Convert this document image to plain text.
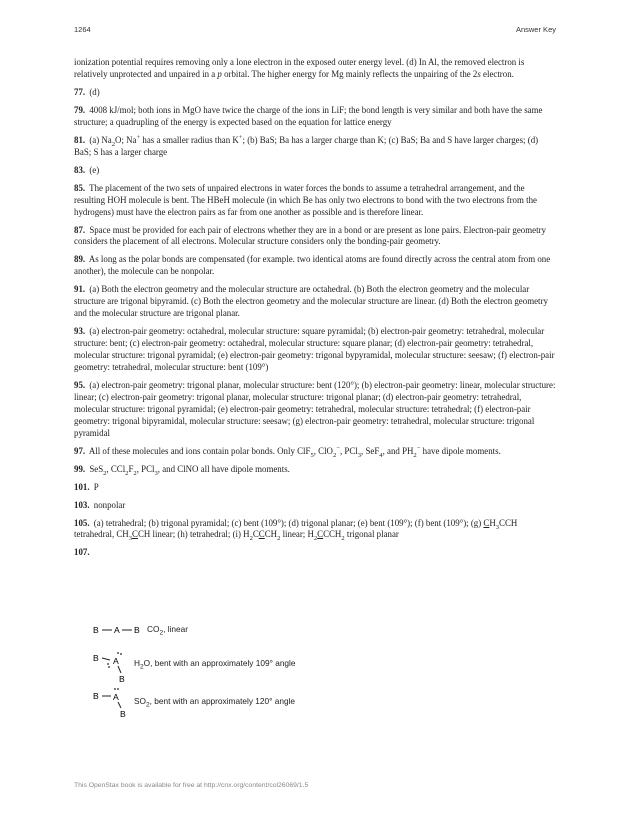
1264	Answer Key

ionization potential requires removing only a lone electron in the exposed outer energy level. (d) In Al, the removed electron is relatively unprotected and unpaired in a p orbital. The higher energy for Mg mainly reflects the unpairing of the 2s electron.

77. (d)

79. 4008 kJ/mol; both ions in MgO have twice the charge of the ions in LiF; the bond length is very similar and both have the same structure; a quadrupling of the energy is expected based on the equation for lattice energy

81. (a) $Na_2O$; Na+ has a smaller radius than K+; (b) BaS; Ba has a larger charge than K; (c) BaS; Ba and S have larger charges; (d) BaS; S has a larger charge

83. (e)

85. The placement of the two sets of unpaired electrons in water forces the bonds to assume a tetrahedral arrangement, and the resulting HOH molecule is bent. The HBeH molecule (in which Be has only two electrons to bond with the two electrons from the hydrogens) must have the electron pairs as far from one another as possible and is therefore linear.

87. Space must be provided for each pair of electrons whether they are in a bond or are present as lone pairs. Electron-pair geometry considers the placement of all electrons. Molecular structure considers only the bonding-pair geometry.

89. As long as the polar bonds are compensated (for example. two identical atoms are found directly across the central atom from one another), the molecule can be nonpolar.

91. (a) Both the electron geometry and the molecular structure are octahedral. (b) Both the electron geometry and the molecular structure are trigonal bipyramid. (c) Both the electron geometry and the molecular structure are linear. (d) Both the electron geometry and the molecular structure are trigonal planar.

93. (a) electron-pair geometry: octahedral, molecular structure: square pyramidal; (b) electron-pair geometry: tetrahedral, molecular structure: bent; (c) electron-pair geometry: octahedral, molecular structure: square planar; (d) electron-pair geometry: tetrahedral, molecular structure: trigonal pyramidal; (e) electron-pair geometry: trigonal bypyramidal, molecular structure: seesaw; (f) electron-pair geometry: tetrahedral, molecular structure: bent (109°)

95. (a) electron-pair geometry: trigonal planar, molecular structure: bent (120°); (b) electron-pair geometry: linear, molecular structure: linear; (c) electron-pair geometry: trigonal planar, molecular structure: trigonal planar; (d) electron-pair geometry: tetrahedral, molecular structure: trigonal pyramidal; (e) electron-pair geometry: tetrahedral, molecular structure: tetrahedral; (f) electron-pair geometry: trigonal bipyramidal, molecular structure: seesaw; (g) electron-pair geometry: tetrahedral, molecular structure: trigonal pyramidal

97. All of these molecules and ions contain polar bonds. Only ClF$_5$, ClO$_2$−, PCl$_3$, SeF$_4$, and $PH_2^-$ have dipole moments.

99. SeS$_2$, $CCl_2F_2$, PCl$_3$, and ClNO all have dipole moments.

101. P

103. nonpolar

105. (a) tetrahedral; (b) trigonal pyramidal; (c) bent (109°); (d) trigonal planar; (e) bent (109°); (f) bent (109°); (g) $CH_3CCH$ tetrahedral, $CH_3CCH$ linear; (h) tetrahedral; (i) $H_2CCCH_2$ linear; $H_2CCCH_2$ trigonal planar

107.

B A B
B A
B
B A
B
$CO_2$, linear
$H_2O$, bent with an approximately 109° angle
$SO_2$, bent with an approximately 120° angle
This OpenStax book is available for free at http://cnx.org/content/col26069/1.5
